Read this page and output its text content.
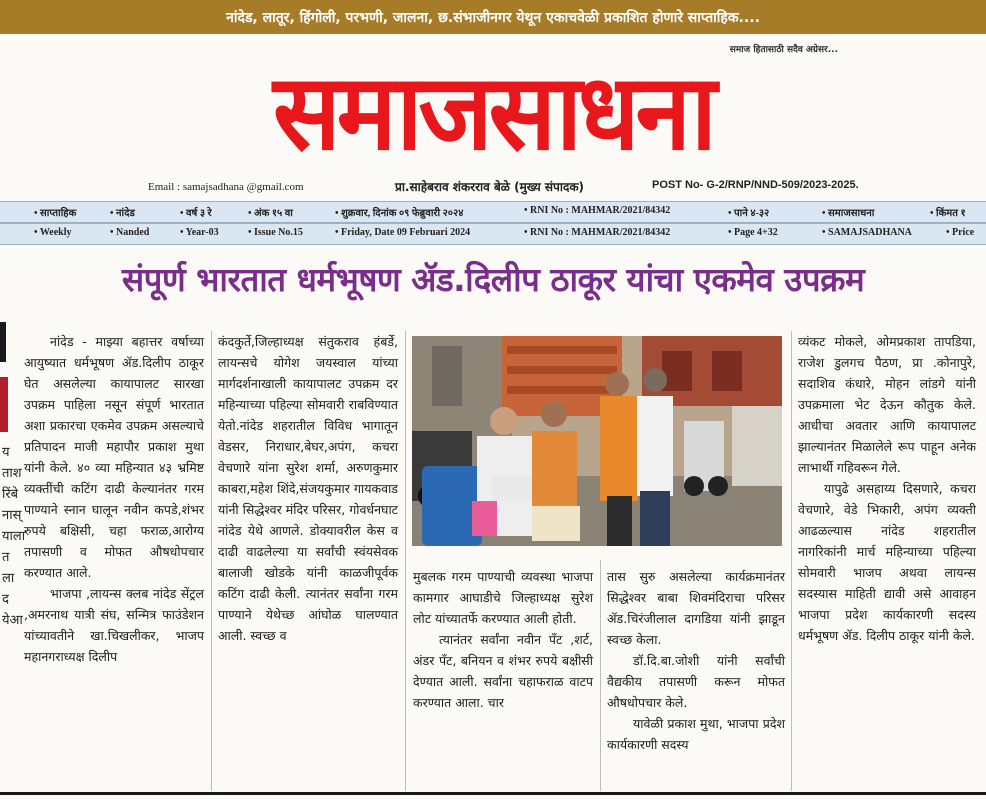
नांदेड, लातूर, हिंगोली, परभणी, जालना, छ.संभाजीनगर येथून एकाचवेळी प्रकाशित होणारे साप्ताहिक....
समाज हितासाठी सदैव अग्रेसर...
समाजसाधना
Email : samajsadhana @gmail.com	प्रा.साहेबराव शंकरराव बेळे (मुख्य संपादक)	POST No- G-2/RNP/NND-509/2023-2025.
• साप्ताहिक	• नांदेड	• वर्ष ३ रे	• अंक १५ वा	• शुक्रवार, दिनांक ०९ फेब्रुवारी २०२४	• RNI No : MAHMAR/2021/84342	• पाने ४-३२	• समाजसाधना	• किंमत १
• Weekly	• Nanded	• Year-03	• Issue No.15	• Friday, Date 09 Februari 2024	• RNI No : MAHMAR/2021/84342	• Page 4+32	• SAMAJSADHANA	• Price
संपूर्ण भारतात धर्मभूषण ॲड.दिलीप ठाकूर यांचा एकमेव उपक्रम
यताशरिंबेनास्यालातलादयेआ

नांदेड - माझ्या बहात्तर वर्षाच्या आयुष्यात धर्मभूषण ॲड.दिलीप ठाकूर घेत असलेल्या कायापालट सारखा उपक्रम पाहिला नसून संपूर्ण भारतात अशा प्रकारचा एकमेव उपक्रम असल्याचे प्रतिपादन माजी महापौर प्रकाश मुथा यांनी केले. ४० व्या महिन्यात ४३ भ्रमिष्ट व्यक्तींची कटिंग दाढी केल्यानंतर गरम पाण्याने स्नान घालून नवीन कपडे,शंभर रुपये बक्षिसी, चहा फराळ,आरोग्य तपासणी व मोफत औषधोपचार करण्यात आले.

भाजपा ,लायन्स क्लब नांदेड सेंट्रल ,अमरनाथ यात्री संघ, सन्मित्र फाउंडेशन यांच्यावतीने खा.चिखलीकर, भाजप महानगराध्यक्ष दिलीप

कंदकुर्ते,जिल्हाध्यक्ष संतुकराव हंबर्डे, लायन्सचे योगेश जयस्वाल यांच्या मार्गदर्शनाखाली कायापालट उपक्रम दर महिन्याच्या पहिल्या सोमवारी राबविण्यात येतो.नांदेड शहरातील विविध भागातून वेडसर, निराधार,बेघर,अपंग, कचरा वेचणारे यांना सुरेश शर्मा, अरुणकुमार काबरा,महेश शिंदे,संजयकुमार गायकवाड यांनी सिद्धेश्वर मंदिर परिसर, गोवर्धनघाट नांदेड येथे आणले. डोक्यावरील केस व दाढी वाढलेल्या या सर्वांची स्वंयसेवक बालाजी खोडके यांनी काळजीपूर्वक कटिंग दाढी केली. त्यानंतर सर्वांना गरम पाण्याने येथेच्छ आंघोळ घालण्यात आली. स्वच्छ व

मुबलक गरम पाण्याची व्यवस्था भाजपा कामगार आघाडीचे जिल्हाध्यक्ष सुरेश लोट यांच्यातर्फे करण्यात आली होती.

त्यानंतर सर्वांना नवीन पँट ,शर्ट, अंडर पँट, बनियन व शंभर रुपये बक्षीसी देण्यात आली. सर्वांना चहाफराळ वाटप करण्यात आला. चार

तास सुरु असलेल्या कार्यक्रमानंतर सिद्धेश्वर बाबा शिवमंदिराचा परिसर ॲड.चिरंजीलाल दागडिया यांनी झाडून स्वच्छ केला.

डॉ.दि.बा.जोशी यांनी सर्वांची वैद्यकीय तपासणी करून मोफत औषधोपचार केले.

यावेळी प्रकाश मुथा, भाजपा प्रदेश कार्यकारणी सदस्य

व्यंकट मोकले, ओमप्रकाश तापडिया, राजेश डुलगच पैठण, प्रा .कोनापुरे, सदाशिव कंधारे, मोहन लांडगे यांनी उपक्रमाला भेट देऊन कौतुक केले. आधीचा अवतार आणि कायापालट झाल्यानंतर मिळालेले रूप पाहून अनेक लाभार्थी गहिवरून गेले.

यापुढे असहाय्य दिसणारे, कचरा वेचणारे, वेडे भिकारी, अपंग व्यक्ती आढळल्यास नांदेड शहरातील नागरिकांनी मार्च महिन्याच्या पहिल्या सोमवारी भाजप अथवा लायन्स सदस्यास माहिती द्यावी असे आवाहन भाजपा प्रदेश कार्यकारणी सदस्य धर्मभूषण ॲड. दिलीप ठाकूर यांनी केले.
